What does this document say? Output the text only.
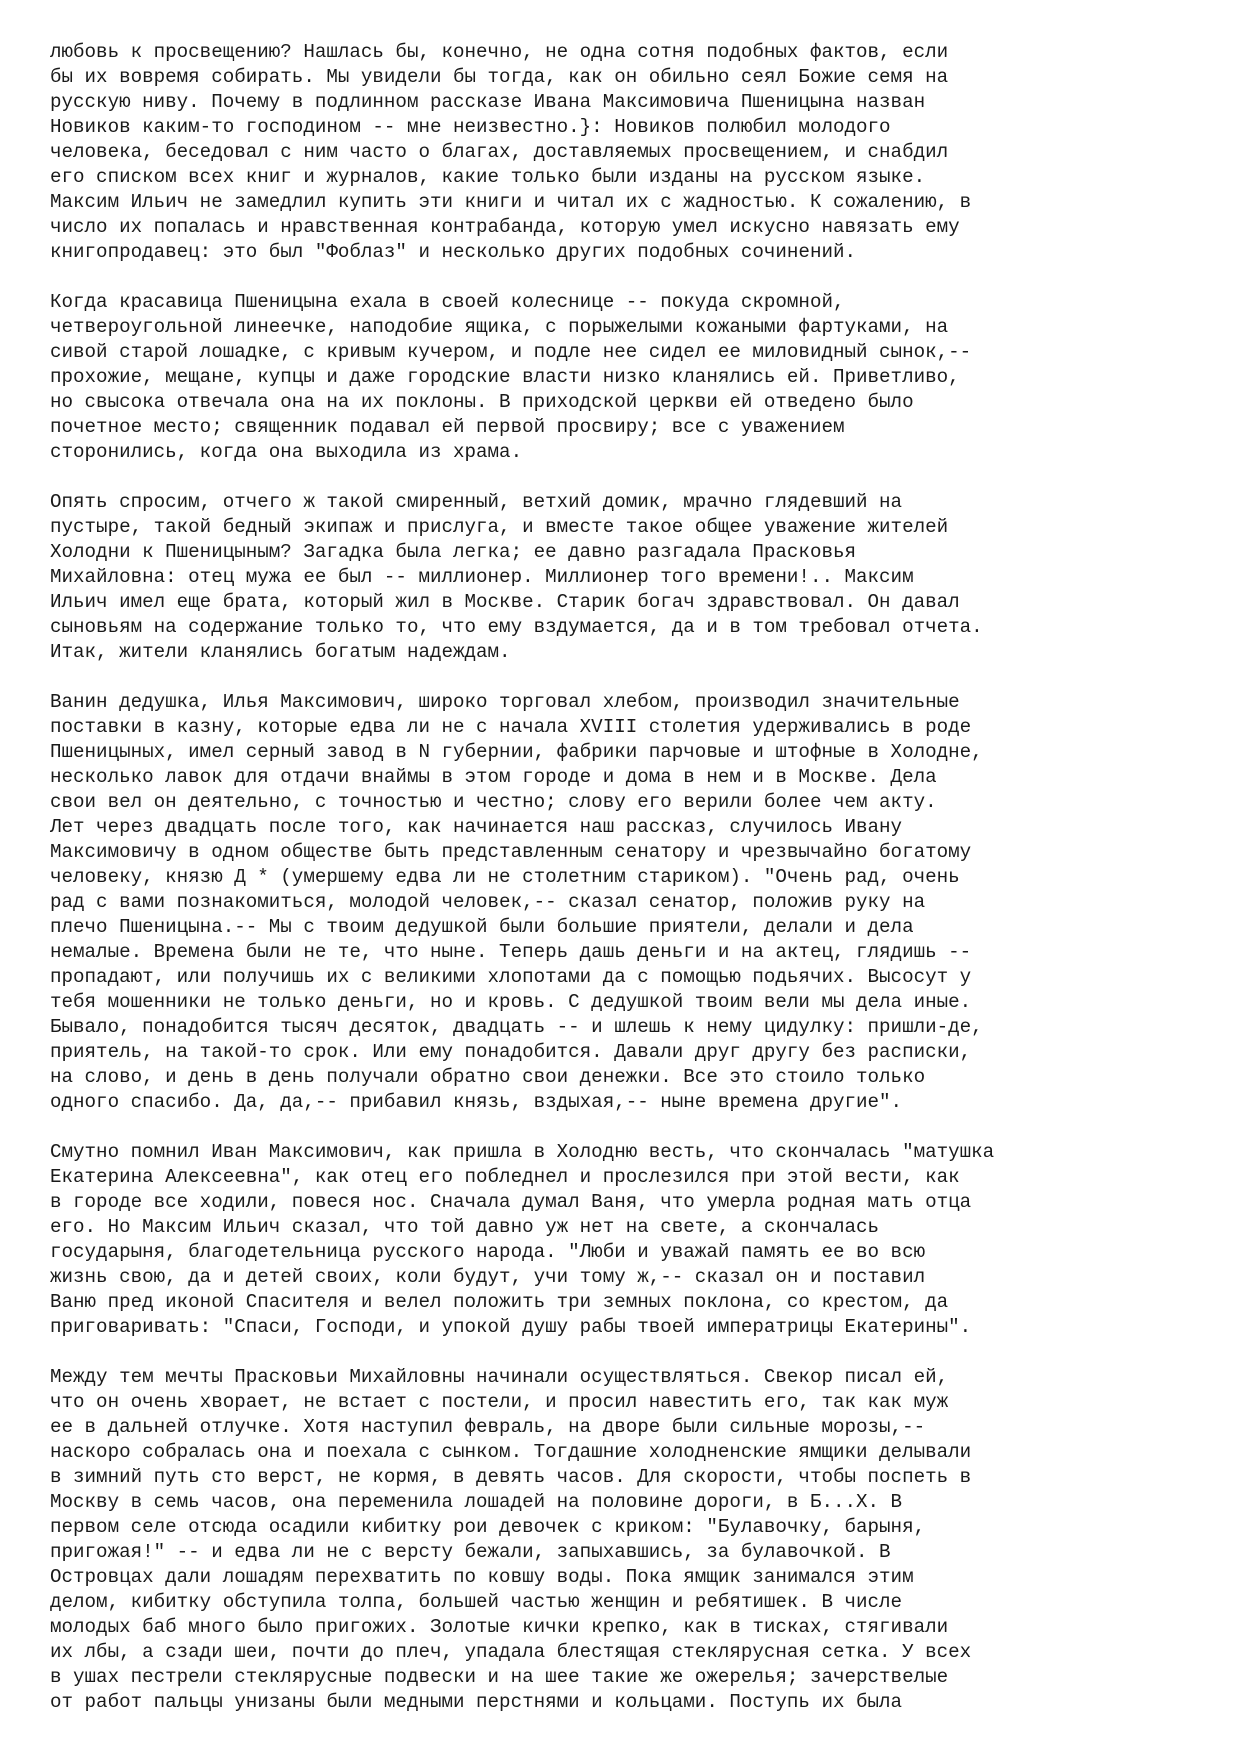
любовь к просвещению? Нашлась бы, конечно, не одна сотня подобных фактов, если
бы их вовремя собирать. Мы увидели бы тогда, как он обильно сеял Божие семя на
русскую ниву. Почему в подлинном рассказе Ивана Максимовича Пшеницына назван
Новиков каким-то господином -- мне неизвестно.}: Новиков полюбил молодого
человека, беседовал с ним часто о благах, доставляемых просвещением, и снабдил
его списком всех книг и журналов, какие только были изданы на русском языке.
Максим Ильич не замедлил купить эти книги и читал их с жадностью. К сожалению, в
число их попалась и нравственная контрабанда, которую умел искусно навязать ему
книгопродавец: это был "Фоблаз" и несколько других подобных сочинений.
Когда красавица Пшеницына ехала в своей колеснице -- покуда скромной,
четвероугольной линеечке, наподобие ящика, с порыжелыми кожаными фартуками, на
сивой старой лошадке, с кривым кучером, и подле нее сидел ее миловидный сынок,--
прохожие, мещане, купцы и даже городские власти низко кланялись ей. Приветливо,
но свысока отвечала она на их поклоны. В приходской церкви ей отведено было
почетное место; священник подавал ей первой просвиру; все с уважением
сторонились, когда она выходила из храма.
Опять спросим, отчего ж такой смиренный, ветхий домик, мрачно глядевший на
пустыре, такой бедный экипаж и прислуга, и вместе такое общее уважение жителей
Холодни к Пшеницыным? Загадка была легка; ее давно разгадала Прасковья
Михайловна: отец мужа ее был -- миллионер. Миллионер того времени!.. Максим
Ильич имел еще брата, который жил в Москве. Старик богач здравствовал. Он давал
сыновьям на содержание только то, что ему вздумается, да и в том требовал отчета.
Итак, жители кланялись богатым надеждам.
Ванин дедушка, Илья Максимович, широко торговал хлебом, производил значительные
поставки в казну, которые едва ли не с начала XVIII столетия удерживались в роде
Пшеницыных, имел серный завод в N губернии, фабрики парчовые и штофные в Холодне,
несколько лавок для отдачи внаймы в этом городе и дома в нем и в Москве. Дела
свои вел он деятельно, с точностью и честно; слову его верили более чем акту.
Лет через двадцать после того, как начинается наш рассказ, случилось Ивану
Максимовичу в одном обществе быть представленным сенатору и чрезвычайно богатому
человеку, князю Д * (умершему едва ли не столетним стариком). "Очень рад, очень
рад с вами познакомиться, молодой человек,-- сказал сенатор, положив руку на
плечо Пшеницына.-- Мы с твоим дедушкой были большие приятели, делали и дела
немалые. Времена были не те, что ныне. Теперь дашь деньги и на актец, глядишь --
пропадают, или получишь их с великими хлопотами да с помощью подьячих. Высосут у
тебя мошенники не только деньги, но и кровь. С дедушкой твоим вели мы дела иные.
Бывало, понадобится тысяч десяток, двадцать -- и шлешь к нему цидулку: пришли-де,
приятель, на такой-то срок. Или ему понадобится. Давали друг другу без расписки,
на слово, и день в день получали обратно свои денежки. Все это стоило только
одного спасибо. Да, да,-- прибавил князь, вздыхая,-- ныне времена другие".
Смутно помнил Иван Максимович, как пришла в Холодню весть, что скончалась "матушка
Екатерина Алексеевна", как отец его побледнел и прослезился при этой вести, как
в городе все ходили, повеся нос. Сначала думал Ваня, что умерла родная мать отца
его. Но Максим Ильич сказал, что той давно уж нет на свете, а скончалась
государыня, благодетельница русского народа. "Люби и уважай память ее во всю
жизнь свою, да и детей своих, коли будут, учи тому ж,-- сказал он и поставил
Ваню пред иконой Спасителя и велел положить три земных поклона, со крестом, да
приговаривать: "Спаси, Господи, и упокой душу рабы твоей императрицы Екатерины".
Между тем мечты Прасковьи Михайловны начинали осуществляться. Свекор писал ей,
что он очень хворает, не встает с постели, и просил навестить его, так как муж
ее в дальней отлучке. Хотя наступил февраль, на дворе были сильные морозы,--
наскоро собралась она и поехала с сынком. Тогдашние холодненские ямщики делывали
в зимний путь сто верст, не кормя, в девять часов. Для скорости, чтобы поспеть в
Москву в семь часов, она переменила лошадей на половине дороги, в Б...Х. В
первом селе отсюда осадили кибитку рои девочек с криком: "Булавочку, барыня,
пригожая!" -- и едва ли не с версту бежали, запыхавшись, за булавочкой. В
Островцах дали лошадям перехватить по ковшу воды. Пока ямщик занимался этим
делом, кибитку обступила толпа, большей частью женщин и ребятишек. В числе
молодых баб много было пригожих. Золотые кички крепко, как в тисках, стягивали
их лбы, а сзади шеи, почти до плеч, упадала блестящая стеклярусная сетка. У всех
в ушах пестрели стеклярусные подвески и на шее такие же ожерелья; зачерствелые
от работ пальцы унизаны были медными перстнями и кольцами. Поступь их была
